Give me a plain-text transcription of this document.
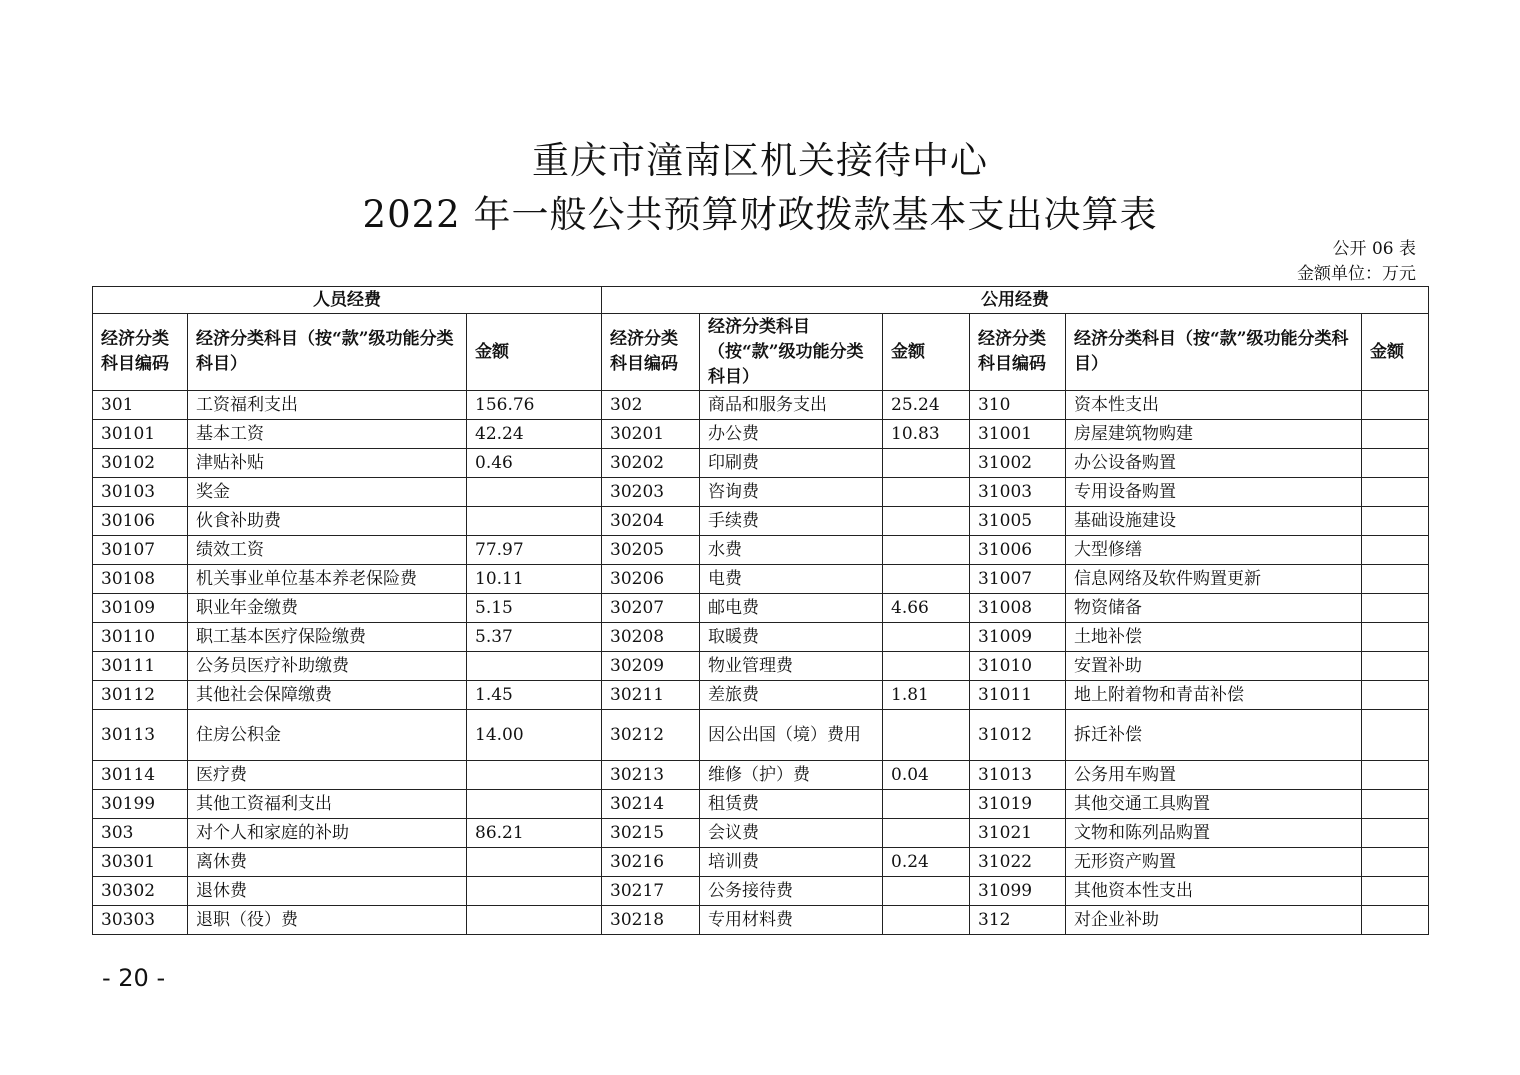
重庆市潼南区机关接待中心
2022 年一般公共预算财政拨款基本支出决算表
公开 06 表
金额单位：万元
人员经费			公用经费					
经济分类科目编码	经济分类科目（按“款”级功能分类科目）	金额	经济分类科目编码	经济分类科目（按“款”级功能分类科目）	金额	经济分类科目编码	经济分类科目（按“款”级功能分类科目）	金额
301	工资福利支出	156.76	302	商品和服务支出	25.24	310	资本性支出	
30101	基本工资	42.24	30201	办公费	10.83	31001	房屋建筑物购建	
30102	津贴补贴	0.46	30202	印刷费		31002	办公设备购置	
30103	奖金		30203	咨询费		31003	专用设备购置	
30106	伙食补助费		30204	手续费		31005	基础设施建设	
30107	绩效工资	77.97	30205	水费		31006	大型修缮	
30108	机关事业单位基本养老保险费	10.11	30206	电费		31007	信息网络及软件购置更新	
30109	职业年金缴费	5.15	30207	邮电费	4.66	31008	物资储备	
30110	职工基本医疗保险缴费	5.37	30208	取暖费		31009	土地补偿	
30111	公务员医疗补助缴费		30209	物业管理费		31010	安置补助	
30112	其他社会保障缴费	1.45	30211	差旅费	1.81	31011	地上附着物和青苗补偿	
30113	住房公积金	14.00	30212	因公出国（境）费用		31012	拆迁补偿	
30114	医疗费		30213	维修（护）费	0.04	31013	公务用车购置	
30199	其他工资福利支出		30214	租赁费		31019	其他交通工具购置	
303	对个人和家庭的补助	86.21	30215	会议费		31021	文物和陈列品购置	
30301	离休费		30216	培训费	0.24	31022	无形资产购置	
30302	退休费		30217	公务接待费		31099	其他资本性支出	
30303	退职（役）费		30218	专用材料费		312	对企业补助	
- 20 -
